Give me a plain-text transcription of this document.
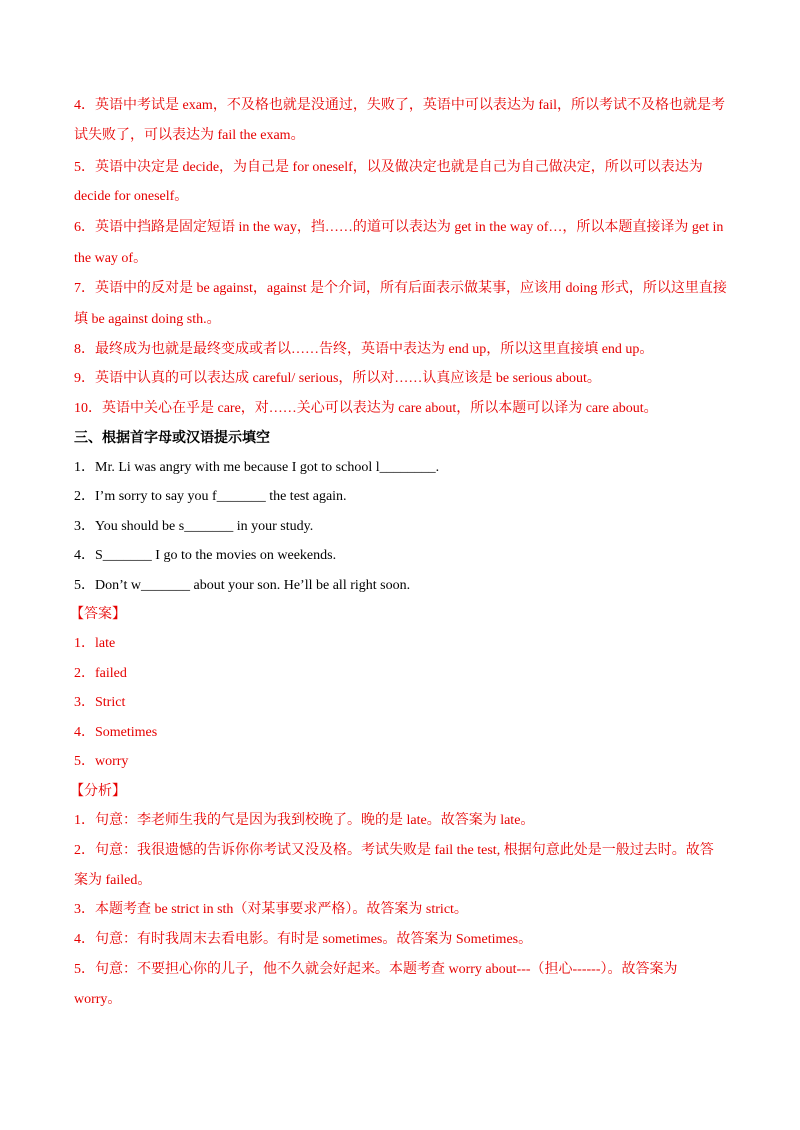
4．英语中考试是 exam，不及格也就是没通过，失败了，英语中可以表达为 fail，所以考试不及格也就是考
试失败了，可以表达为 fail the exam。
5．英语中决定是 decide，为自己是 for oneself，以及做决定也就是自己为自己做决定，所以可以表达为
decide for oneself。
6．英语中挡路是固定短语 in the way，挡……的道可以表达为 get in the way of…，所以本题直接译为 get in
the way of。
7．英语中的反对是 be against，against 是个介词，所有后面表示做某事，应该用 doing 形式，所以这里直接
填 be against doing sth.。
8．最终成为也就是最终变成或者以……告终，英语中表达为 end up，所以这里直接填 end up。
9．英语中认真的可以表达成 careful/ serious，所以对……认真应该是 be serious about。
10．英语中关心在乎是 care，对……关心可以表达为 care about，所以本题可以译为 care about。
三、根据首字母或汉语提示填空
1．Mr. Li was angry with me because I got to school l________.
2．I’m sorry to say you f_______ the test again.
3．You should be s_______ in your study.
4．S_______ I go to the movies on weekends.
5．Don’t w_______ about your son. He’ll be all right soon.
【答案】
1．late
2．failed
3．Strict
4．Sometimes
5．worry
【分析】
1．句意：李老师生我的气是因为我到校晚了。晚的是 late。故答案为 late。
2．句意：我很遗憾的告诉你你考试又没及格。考试失败是 fail the test, 根据句意此处是一般过去时。故答
案为 failed。
3．本题考查 be strict in sth（对某事要求严格）。故答案为 strict。
4．句意：有时我周末去看电影。有时是 sometimes。故答案为 Sometimes。
5．句意：不要担心你的儿子，他不久就会好起来。本题考查 worry about---（担心------）。故答案为
worry。
